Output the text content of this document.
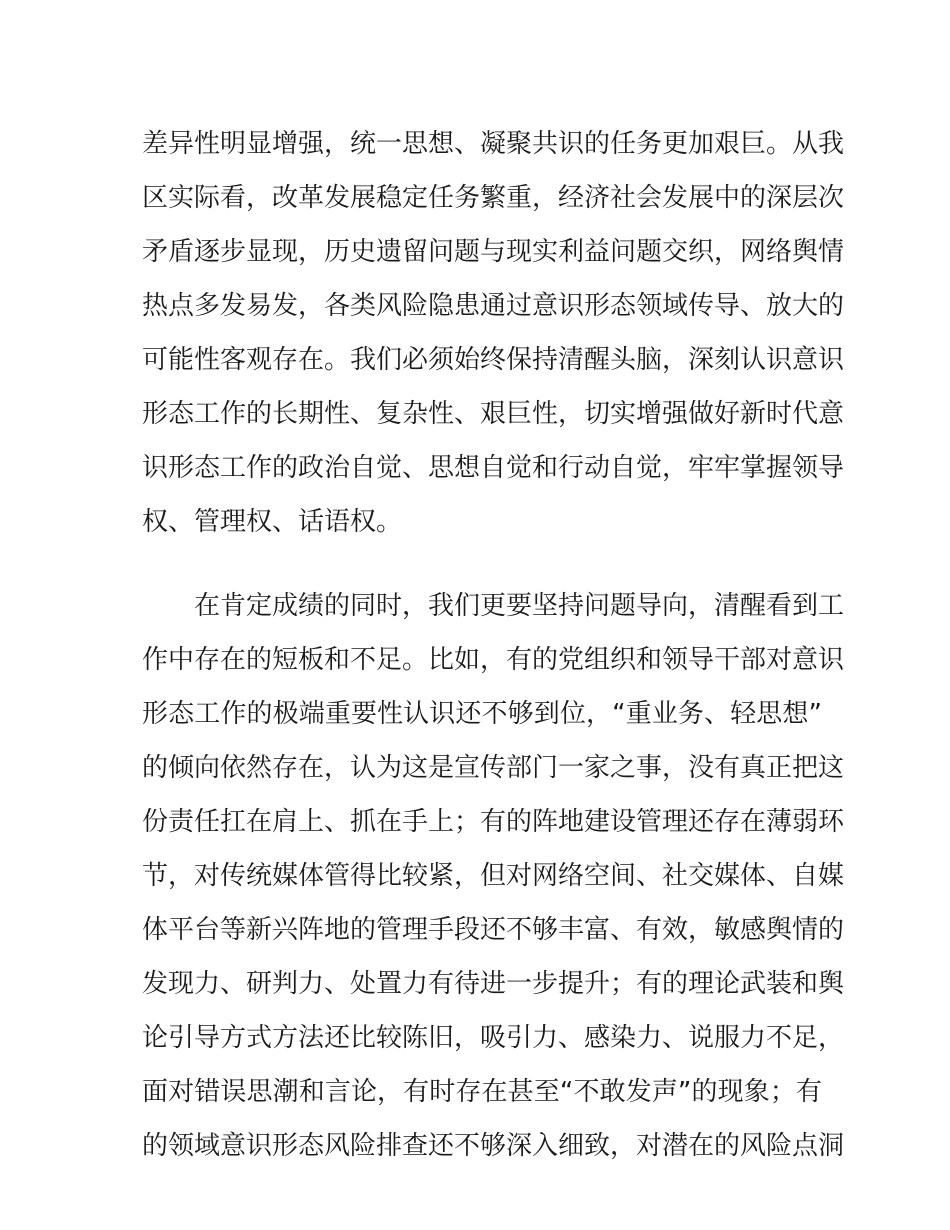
差异性明显增强，统一思想、凝聚共识的任务更加艰巨。从我
区实际看，改革发展稳定任务繁重，经济社会发展中的深层次
矛盾逐步显现，历史遗留问题与现实利益问题交织，网络舆情
热点多发易发，各类风险隐患通过意识形态领域传导、放大的
可能性客观存在。我们必须始终保持清醒头脑，深刻认识意识
形态工作的长期性、复杂性、艰巨性，切实增强做好新时代意
识形态工作的政治自觉、思想自觉和行动自觉，牢牢掌握领导
权、管理权、话语权。
在肯定成绩的同时，我们更要坚持问题导向，清醒看到工
作中存在的短板和不足。比如，有的党组织和领导干部对意识
形态工作的极端重要性认识还不够到位，“重业务、轻思想”
的倾向依然存在，认为这是宣传部门一家之事，没有真正把这
份责任扛在肩上、抓在手上；有的阵地建设管理还存在薄弱环
节，对传统媒体管得比较紧，但对网络空间、社交媒体、自媒
体平台等新兴阵地的管理手段还不够丰富、有效，敏感舆情的
发现力、研判力、处置力有待进一步提升；有的理论武装和舆
论引导方式方法还比较陈旧，吸引力、感染力、说服力不足，
面对错误思潮和言论，有时存在甚至“不敢发声”的现象；有
的领域意识形态风险排查还不够深入细致，对潜在的风险点洞
